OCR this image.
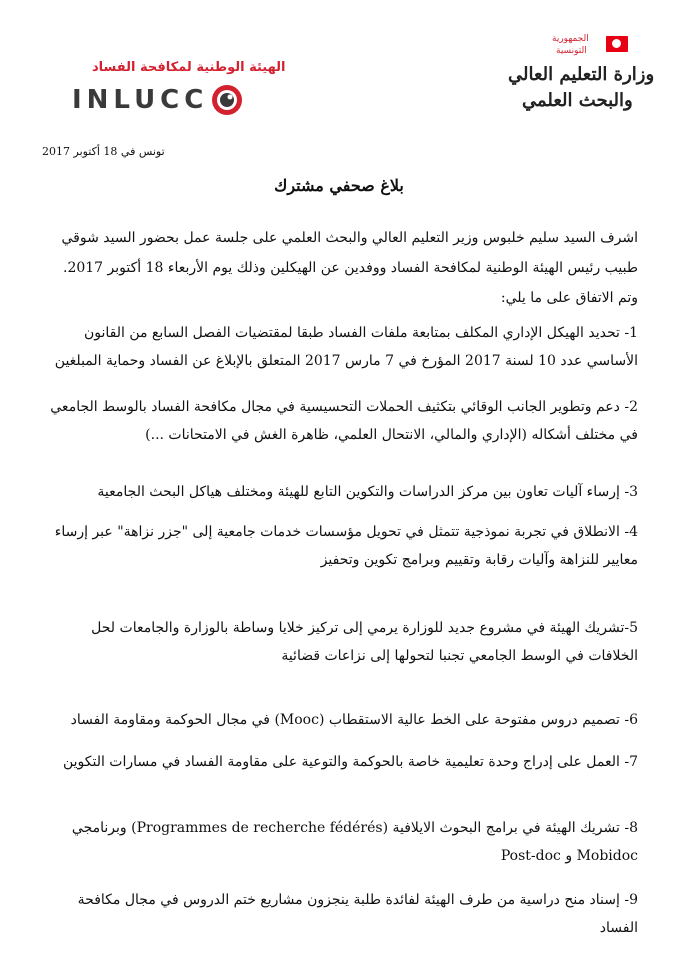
الهيئة الوطنية لمكافحة الفساد
INLUCC
الجمهورية
التونسية
وزارة التعليم العالي
والبحث العلمي
تونس في 18 أكتوبر 2017
بلاغ صحفي مشترك

اشرف السيد سليم خلبوس وزير التعليم العالي والبحث العلمي على جلسة عمل بحضور السيد شوقي طبيب رئيس الهيئة الوطنية لمكافحة الفساد ووفدين عن الهيكلين وذلك يوم الأربعاء 18 أكتوبر 2017. وتم الاتفاق على ما يلي:

1- تحديد الهيكل الإداري المكلف بمتابعة ملفات الفساد طبقا لمقتضيات الفصل السابع من القانون الأساسي عدد 10 لسنة 2017 المؤرخ في 7 مارس 2017 المتعلق بالإبلاغ عن الفساد وحماية المبلغين

2- دعم وتطوير الجانب الوقائي بتكثيف الحملات التحسيسية في مجال مكافحة الفساد بالوسط الجامعي في مختلف أشكاله (الإداري والمالي، الانتحال العلمي، ظاهرة الغش في الامتحانات ...)

3- إرساء آليات تعاون بين مركز الدراسات والتكوين التابع للهيئة ومختلف هياكل البحث الجامعية

4- الانطلاق في تجربة نموذجية تتمثل في تحويل مؤسسات خدمات جامعية إلى "جزر نزاهة" عبر إرساء معايير للنزاهة وآليات رقابة وتقييم وبرامج تكوين وتحفيز

5-تشريك الهيئة في مشروع جديد للوزارة يرمي إلى تركيز خلايا وساطة بالوزارة والجامعات لحل الخلافات في الوسط الجامعي تجنبا لتحولها إلى نزاعات قضائية

6- تصميم دروس مفتوحة على الخط عالية الاستقطاب (Mooc) في مجال الحوكمة ومقاومة الفساد

7- العمل على إدراج وحدة تعليمية خاصة بالحوكمة والتوعية على مقاومة الفساد في مسارات التكوين

8- تشريك الهيئة في برامج البحوث الايلافية (Programmes de recherche fédérés) وبرنامجي Mobidoc و Post-doc

9- إسناد منح دراسية من طرف الهيئة لفائدة طلبة ينجزون مشاريع ختم الدروس في مجال مكافحة الفساد
